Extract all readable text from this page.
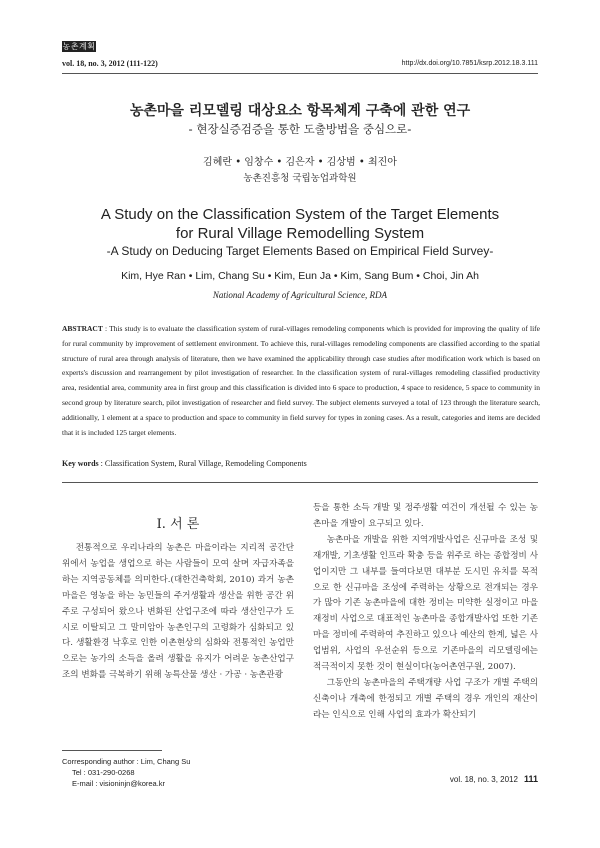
농촌계획
vol. 18, no. 3, 2012 (111-122)	http://dx.doi.org/10.7851/ksrp.2012.18.3.111
농촌마을 리모델링 대상요소 항목체계 구축에 관한 연구
- 현장실증검증을 통한 도출방법을 중심으로-
김혜란 • 임창수 • 김은자 • 김상범 • 최진아
농촌진흥청 국립농업과학원
A Study on the Classification System of the Target Elements
for Rural Village Remodelling System
-A Study on Deducing Target Elements Based on Empirical Field Survey-
Kim, Hye Ran • Lim, Chang Su • Kim, Eun Ja • Kim, Sang Bum • Choi, Jin Ah
National Academy of Agricultural Science, RDA
ABSTRACT : This study is to evaluate the classification system of rural-villages remodeling components which is provided for improving the quality of life for rural community by improvement of settlement environment. To achieve this, rural-villages remodeling components are classified according to the spatial structure of rural area through analysis of literature, then we have examined the applicability through case studies after modification work which is based on experts's discussion and rearrangement by pilot investigation of researcher. In the classification system of rural-villages remodeling classified productivity area, residential area, community area in first group and this classification is divided into 6 space to production, 4 space to residence, 5 space to community in second group by literature search, pilot investigation of researcher and field survey. The subject elements surveyed a total of 123 through the literature search, additionally, 1 element at a space to production and space to community in field survey for types in zoning cases. As a result, categories and items are decided that it is included 125 target elements.
Key words : Classification System, Rural Village, Remodeling Components
I. 서 론

전통적으로 우리나라의 농촌은 마을이라는 지리적 공간단위에서 농업을 생업으로 하는 사람들이 모여 살며 자급자족을 하는 지역공동체를 의미한다.(대한건축학회, 2010) 과거 농촌마을은 영농을 하는 농민들의 주거생활과 생산을 위한 공간 위주로 구성되어 왔으나 변화된 산업구조에 따라 생산인구가 도시로 이탈되고 그 말미암아 농촌인구의 고령화가 심화되고 있다. 생활환경 낙후로 인한 이촌현상의 심화와 전통적인 농업만으로는 농가의 소득을 올려 생활을 유지가 어려운 농촌산업구조의 변화를 극복하기 위해 농특산물 생산 · 가공 · 농촌관광

등을 통한 소득 개발 및 정주생활 여건이 개선될 수 있는 농촌마을 개발이 요구되고 있다.

농촌마을 개발을 위한 지역개발사업은 신규마을 조성 및 재개발, 기초생활 인프라 확충 등을 위주로 하는 종합정비 사업이지만 그 내부를 들여다보면 대부분 도시민 유치를 목적으로 한 신규마을 조성에 주력하는 상황으로 전개되는 경우가 많아 기존 농촌마을에 대한 정비는 미약한 실정이고 마을 재정비 사업으로 대표적인 농촌마을 종합개발사업 또한 기존마을 정비에 주력하여 추진하고 있으나 예산의 한계, 넓은 사업범위, 사업의 우선순위 등으로 기존마을의 리모델링에는 적극적이지 못한 것이 현실이다(농어촌연구원, 2007).

그동안의 농촌마을의 주택개량 사업 구조가 개별 주택의 신축이나 개축에 한정되고 개별 주택의 경우 개인의 재산이라는 인식으로 인해 사업의 효과가 확산되기

Corresponding author : Lim, Chang Su
Tel : 031-290-0268
E-mail : visioninjn@korea.kr	vol. 18, no. 3, 2012 111
